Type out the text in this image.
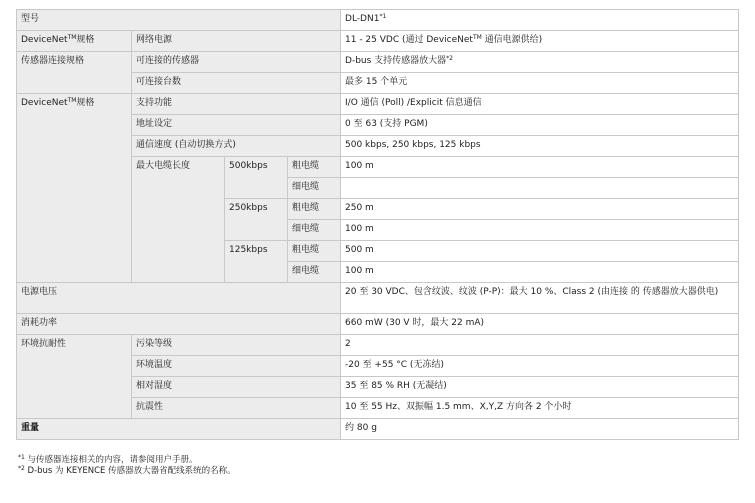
型号				DL-DN1$^{*1}$
DeviceNet™规格	网络电源			11 - 25 VDC (通过 DeviceNet™ 通信电源供给)
传感器连接规格	可连接的传感器			D-bus 支持传感器放大器$^{*2}$
	可连接台数			最多 15 个单元
DeviceNet™规格	支持功能			I/O 通信 (Poll) /Explicit 信息通信
	地址设定			0 至 63 (支持 PGM)
	通信速度 (自动切换方式)			500 kbps, 250 kbps, 125 kbps
	最大电缆长度	500kbps	粗电缆	100 m
			细电缆	
		250kbps	粗电缆	250 m
			细电缆	100 m
		125kbps	粗电缆	500 m
			细电缆	100 m
电源电压				20 至 30 VDC、包含纹波、纹波 (P-P)：最大 10 %、Class 2 (由连接 的 传感器放大器供电)
消耗功率				660 mW (30 V 时，最大 22 mA)
环境抗耐性	污染等级			2
	环境温度			-20 至 +55 °C (无冻结)
	相对湿度			35 至 85 % RH (无凝结)
	抗震性			10 至 55 Hz、双振幅 1.5 mm、X,Y,Z 方向各 2 个小时
重量				约 80 g
$^{*1}$ 与传感器连接相关的内容，请参阅用户手册。
$^{*2}$ D-bus 为 KEYENCE 传感器放大器省配线系统的名称。
